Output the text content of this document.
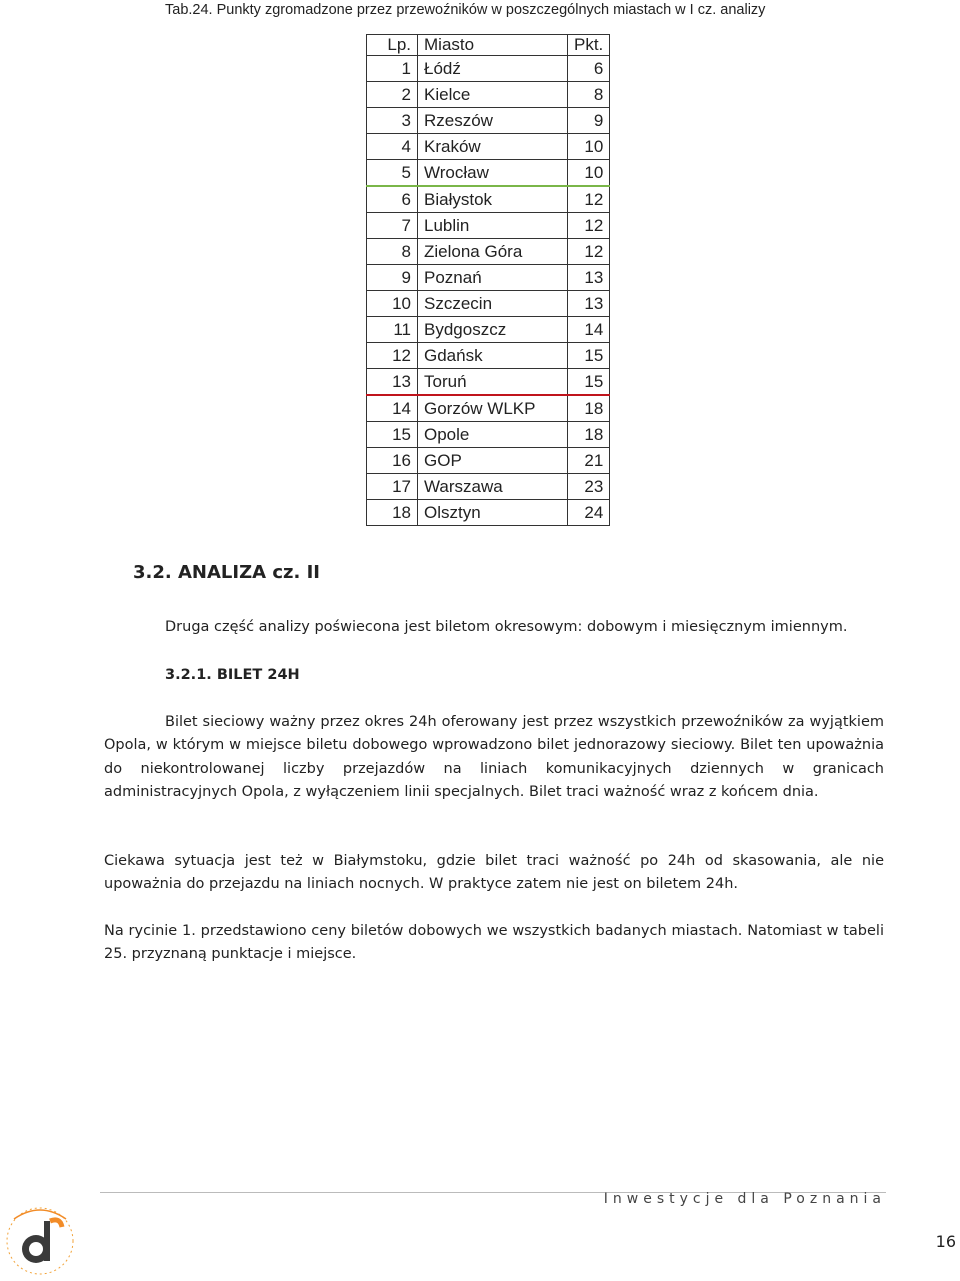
Tab.24. Punkty zgromadzone przez przewoźników w poszczególnych miastach w I cz. analizy
Lp.	Miasto	Pkt.
1	Łódź	6
2	Kielce	8
3	Rzeszów	9
4	Kraków	10
5	Wrocław	10
6	Białystok	12
7	Lublin	12
8	Zielona Góra	12
9	Poznań	13
10	Szczecin	13
11	Bydgoszcz	14
12	Gdańsk	15
13	Toruń	15
14	Gorzów WLKP	18
15	Opole	18
16	GOP	21
17	Warszawa	23
18	Olsztyn	24
3.2. ANALIZA cz. II
Druga część analizy poświecona jest biletom okresowym: dobowym i miesięcznym imiennym.
3.2.1. BILET 24H
Bilet sieciowy ważny przez okres 24h oferowany jest przez wszystkich przewoźników za wyjątkiem Opola, w którym w miejsce biletu dobowego wprowadzono bilet jednorazowy sieciowy. Bilet ten upoważnia do niekontrolowanej liczby przejazdów na liniach komunikacyjnych dziennych w granicach administracyjnych Opola, z wyłączeniem linii specjalnych. Bilet traci ważność wraz z końcem dnia.
Ciekawa sytuacja jest też w Białymstoku, gdzie bilet traci ważność po 24h od skasowania, ale nie upoważnia do przejazdu na liniach nocnych. W praktyce zatem nie jest on biletem 24h.
Na rycinie 1. przedstawiono ceny biletów dobowych we wszystkich badanych miastach. Natomiast w tabeli 25. przyznaną punktacje i miejsce.
Inwestycje dla Poznania
16
